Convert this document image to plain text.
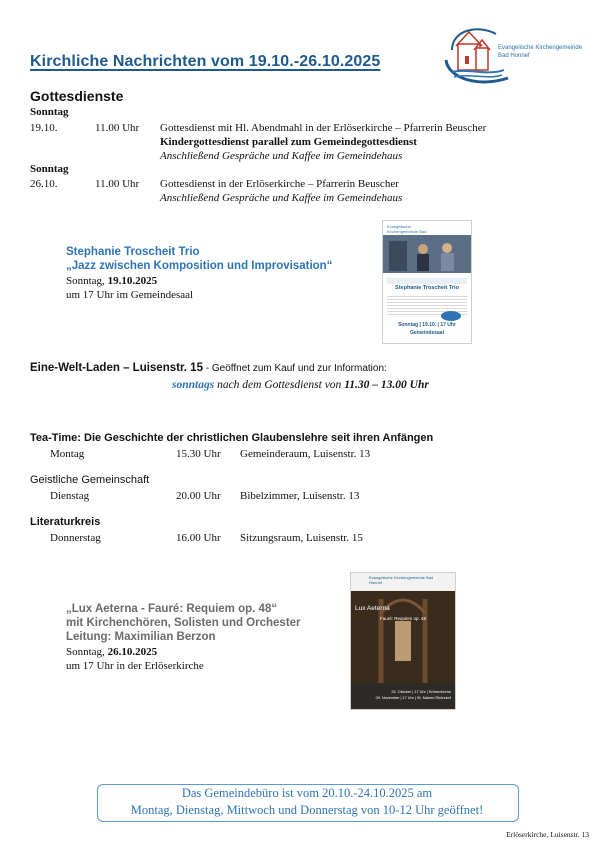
Kirchliche Nachrichten vom 19.10.-26.10.2025
Evangelische Kirchengemeinde
Bad Honnef
Gottesdienste
Sonntag
19.10.	11.00 Uhr Gottesdienst mit Hl. Abendmahl in der Erlöserkirche – Pfarrerin Beuscher
Kindergottesdienst parallel zum Gemeindegottesdienst
Anschließend Gespräche und Kaffee im Gemeindehaus
Sonntag
26.10.	11.00 Uhr Gottesdienst in der Erlöserkirche – Pfarrerin Beuscher
Anschließend Gespräche und Kaffee im Gemeindehaus
Stephanie Troscheit Trio
„Jazz zwischen Komposition und Improvisation“
Sonntag, 19.10.2025
um 17 Uhr im Gemeindesaal
Evangelische Kirchengemeinde Bad
Stephanie Troscheit Trio
Sonntag | 19.10. | 17 Uhr
Gemeindesaal
Eine-Welt-Laden – Luisenstr. 15 - Geöffnet zum Kauf und zur Information:
sonntags nach dem Gottesdienst von 11.30 – 13.00 Uhr
Tea-Time: Die Geschichte der christlichen Glaubenslehre seit ihren Anfängen
Montag	15.30 Uhr Gemeinderaum, Luisenstr. 13
Geistliche Gemeinschaft
Dienstag	20.00 Uhr Bibelzimmer, Luisenstr. 13
Literaturkreis
Donnerstag	16.00 Uhr Sitzungsraum, Luisenstr. 15
„Lux Aeterna - Fauré: Requiem op. 48“
mit Kirchenchören, Solisten und Orchester
Leitung: Maximilian Berzon
Sonntag, 26.10.2025
um 17 Uhr in der Erlöserkirche
Evangelische Kirchengemeinde Bad Honnef
Lux Aeterna
Fauré: Requiem op. 48
26. Oktober | 17 Uhr | Erlöserkirche
09. November | 17 Uhr | St. Marien Rhöndorf
Das Gemeindebüro ist vom 20.10.-24.10.2025 am
Montag, Dienstag, Mittwoch und Donnerstag von 10-12 Uhr geöffnet!
Erlöserkirche, Luisenstr. 13
